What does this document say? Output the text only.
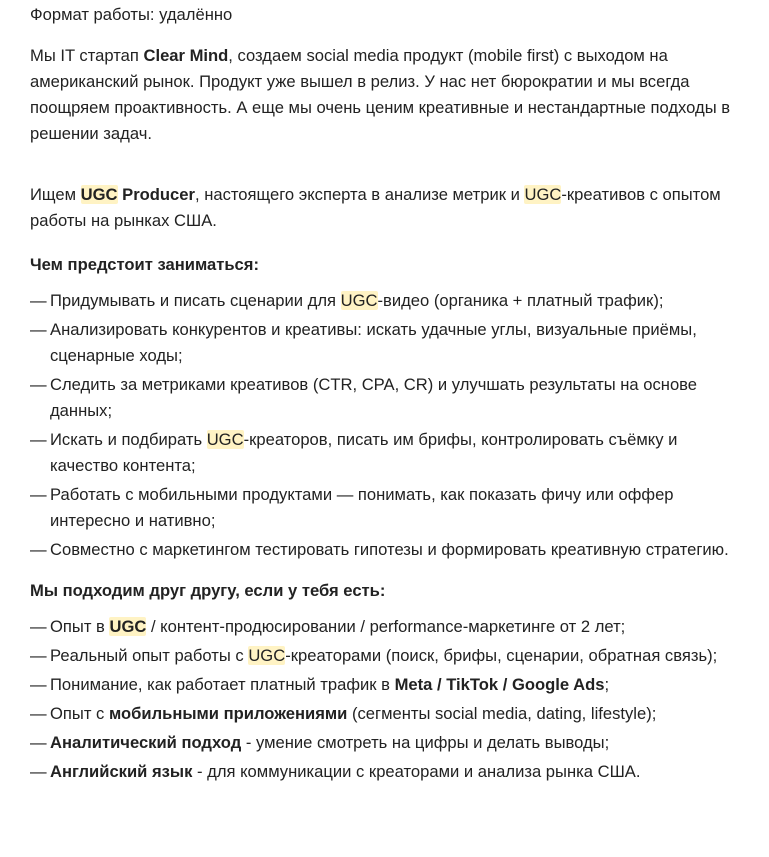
Формат работы: удалённо

Мы IT стартап Clear Mind, создаем social media продукт (mobile first) с выходом на американский рынок. Продукт уже вышел в релиз. У нас нет бюрократии и мы всегда поощряем проактивность. А еще мы очень ценим креативные и нестандартные подходы в решении задач.

Ищем UGC Producer, настоящего эксперта в анализе метрик и UGC-креативов с опытом работы на рынках США.

Чем предстоит заниматься:

— Придумывать и писать сценарии для UGC-видео (органика + платный трафик);
— Анализировать конкурентов и креативы: искать удачные углы, визуальные приёмы, сценарные ходы;
— Следить за метриками креативов (CTR, CPA, CR) и улучшать результаты на основе данных;
— Искать и подбирать UGC-креаторов, писать им брифы, контролировать съёмку и качество контента;
— Работать с мобильными продуктами — понимать, как показать фичу или оффер интересно и нативно;
— Совместно с маркетингом тестировать гипотезы и формировать креативную стратегию.

Мы подходим друг другу, если у тебя есть:

— Опыт в UGC / контент-продюсировании / performance-маркетинге от 2 лет;
— Реальный опыт работы с UGC-креаторами (поиск, брифы, сценарии, обратная связь);
— Понимание, как работает платный трафик в Meta / TikTok / Google Ads;
— Опыт с мобильными приложениями (сегменты social media, dating, lifestyle);
— Аналитический подход - умение смотреть на цифры и делать выводы;
— Английский язык - для коммуникации с креаторами и анализа рынка США.
